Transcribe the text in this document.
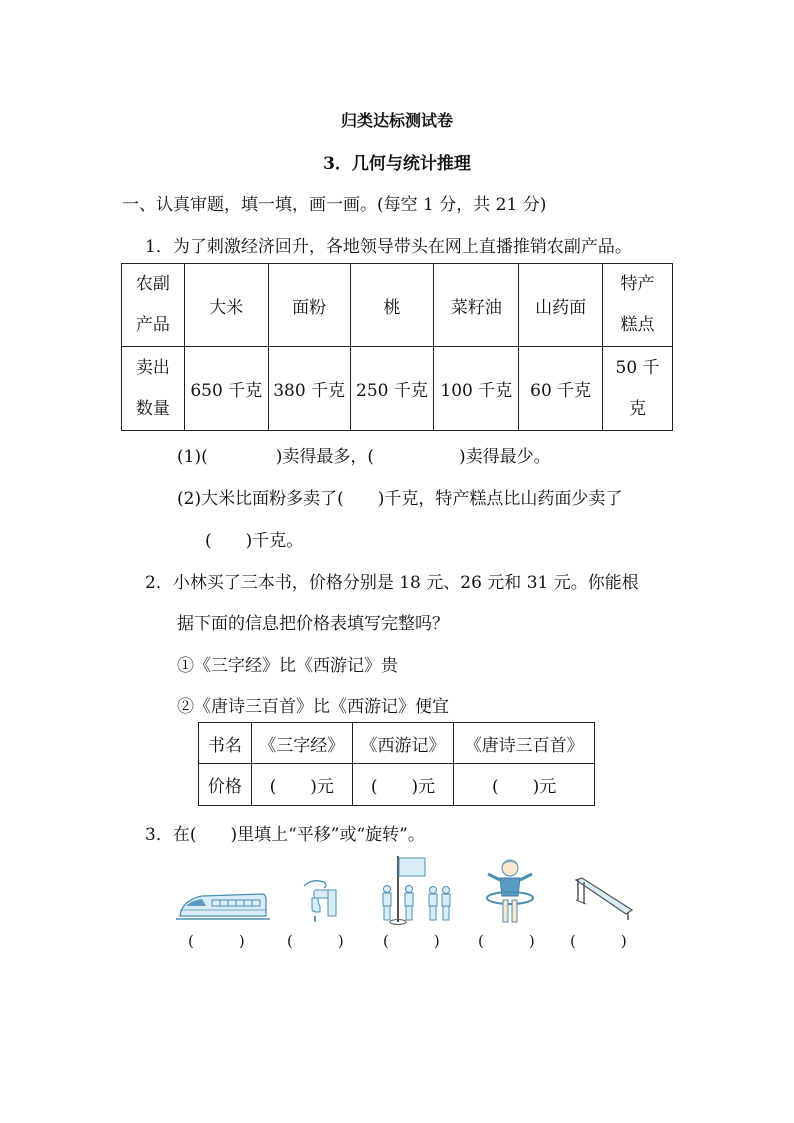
归类达标测试卷
3．几何与统计推理
一、认真审题，填一填，画一画。(每空 1 分，共 21 分)
1．为了刺激经济回升，各地领导带头在网上直播推销农副产品。
农副
产品	大米	面粉	桃	菜籽油	山药面	特产
糕点
卖出
数量	650 千克	380 千克	250 千克	100 千克	60 千克	50 千
克
(1)(　　　　)卖得最多，(　　　　　)卖得最少。
(2)大米比面粉多卖了(　　)千克，特产糕点比山药面少卖了
(　　)千克。
2．小林买了三本书，价格分别是 18 元、26 元和 31 元。你能根
据下面的信息把价格表填写完整吗？
①《三字经》比《西游记》贵
②《唐诗三百首》比《西游记》便宜
书名	《三字经》	《西游记》	《唐诗三百首》
价格	(　　)元	(　　)元	(　　)元
3．在(　　)里填上“平移”或“旋转”。
(　　　)	(　　　)	(　　　)	(　　　) (　　　)
